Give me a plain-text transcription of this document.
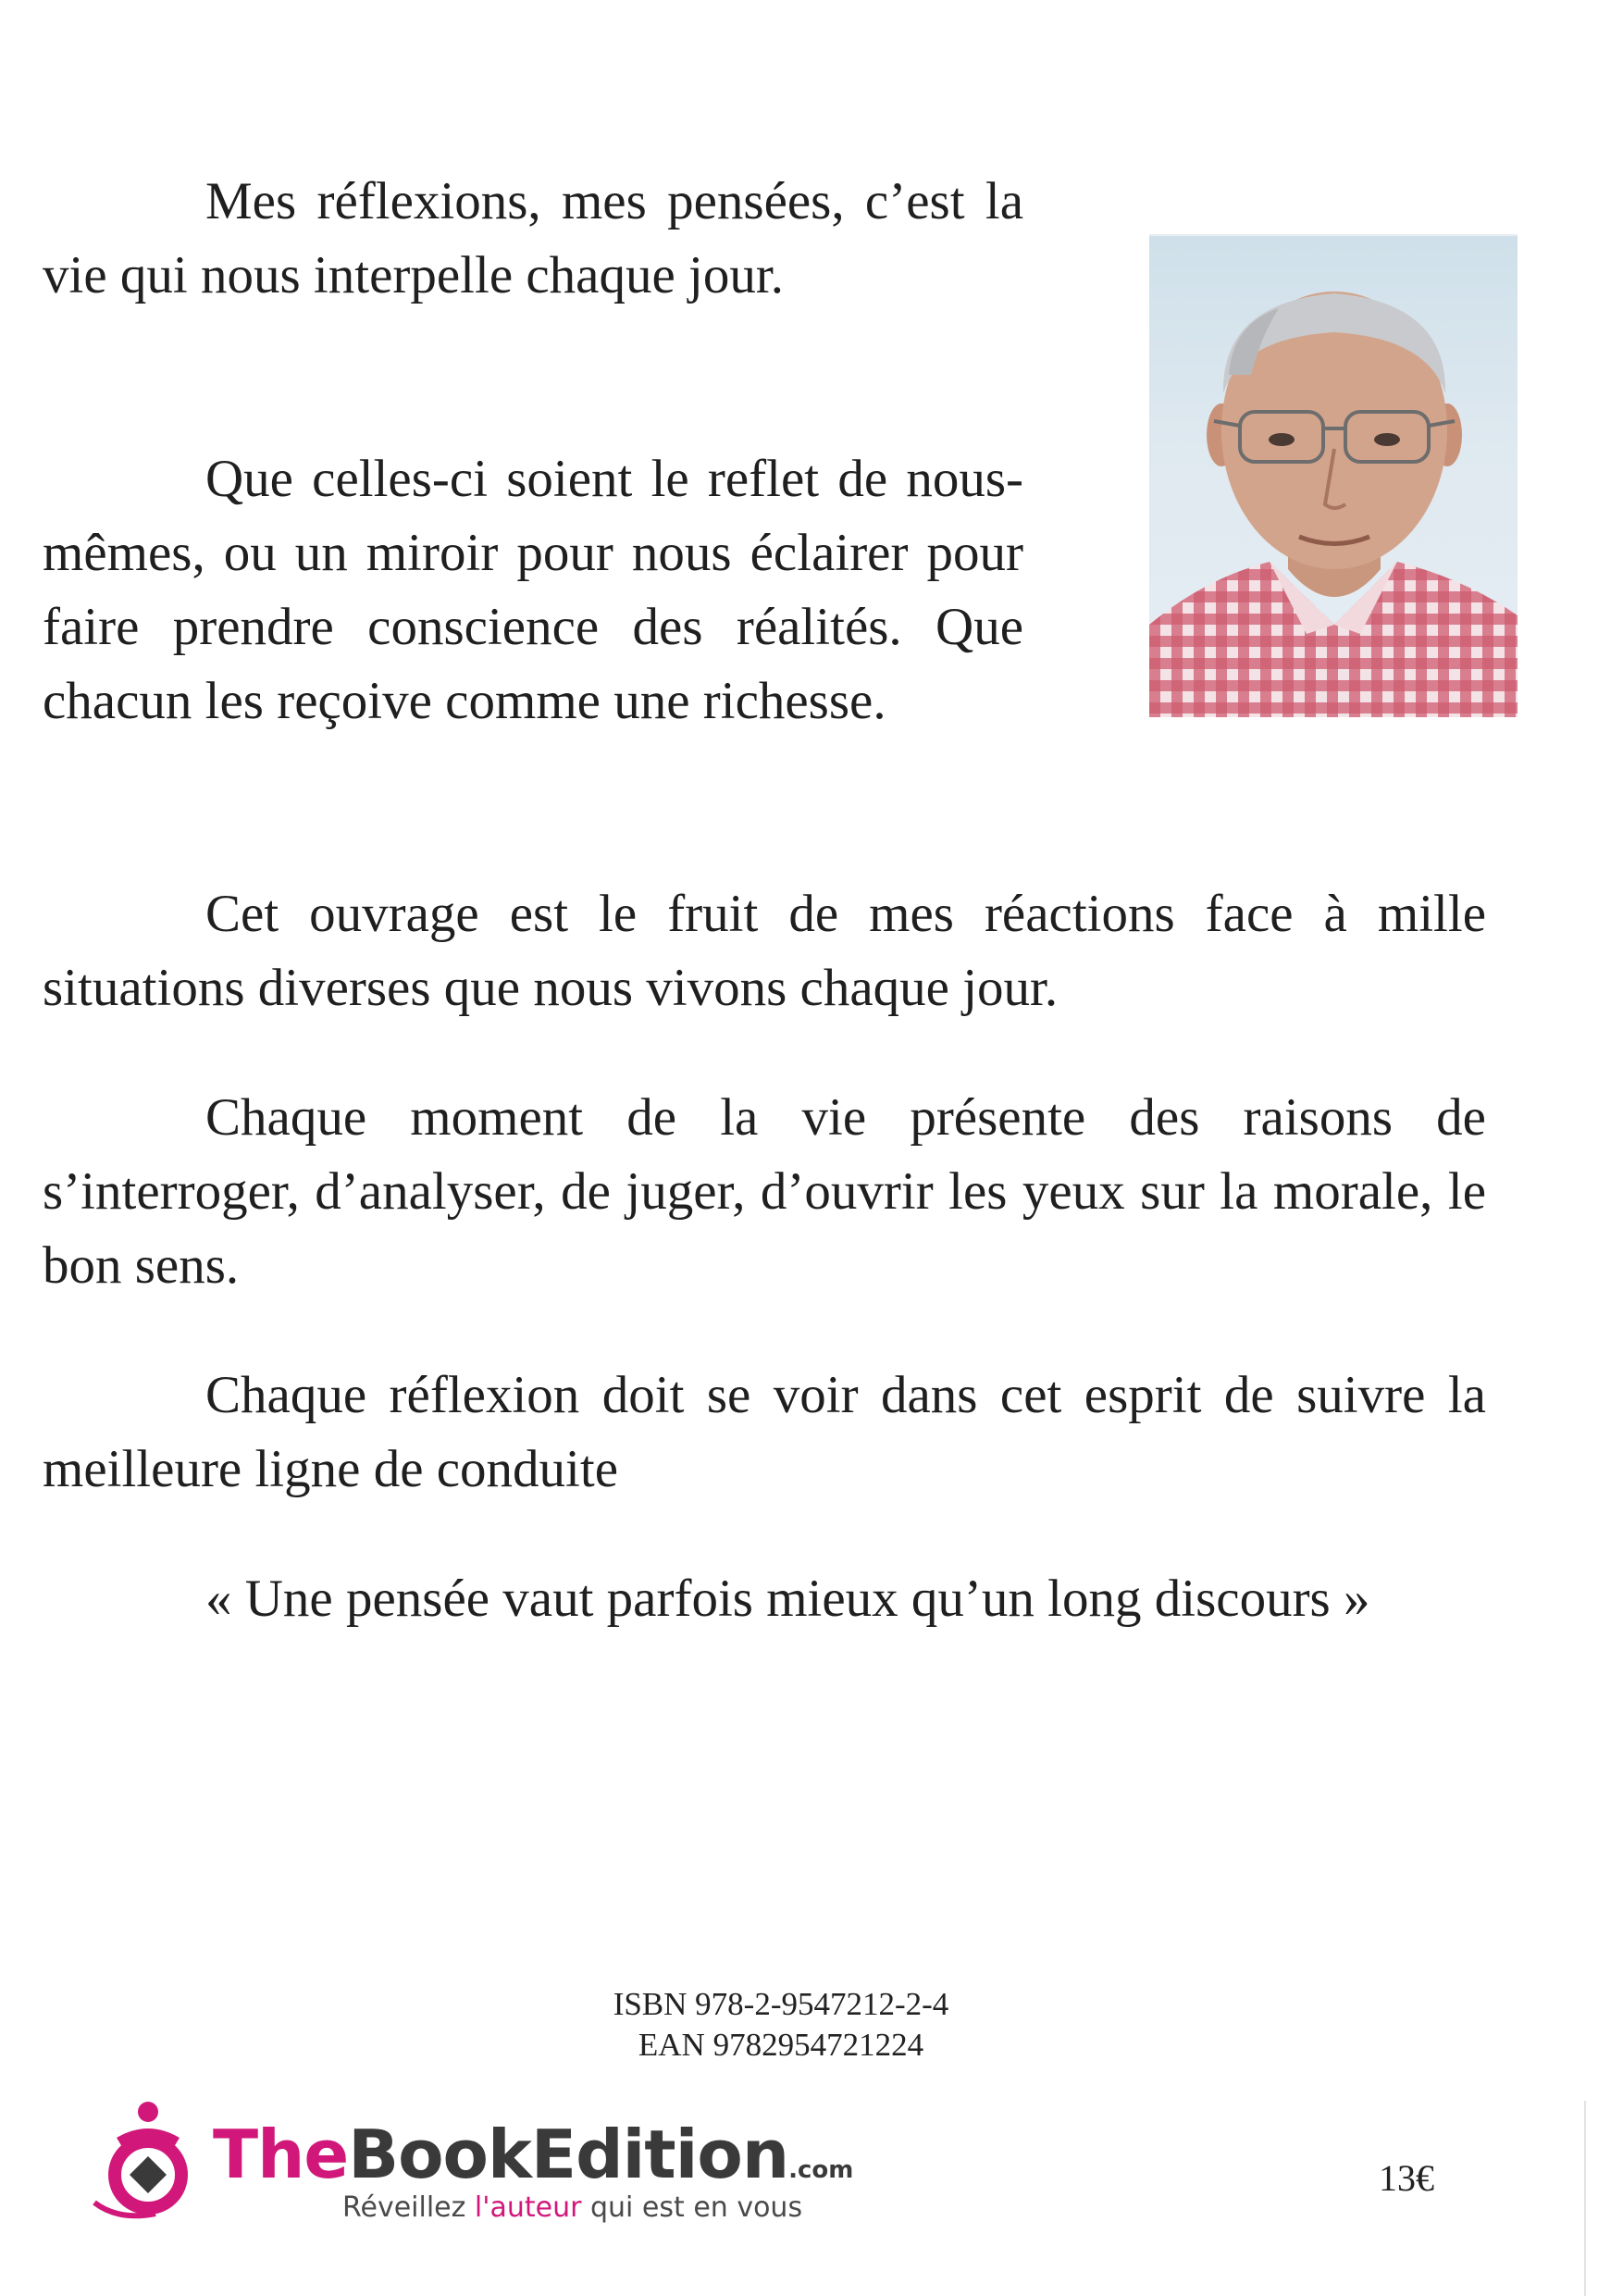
Mes réflexions, mes pensées, c’est la vie qui nous interpelle chaque jour.

Que celles-ci soient le reflet de nous-mêmes, ou un miroir pour nous éclairer pour faire prendre conscience des réalités. Que chacun les reçoive comme une richesse.

Cet ouvrage est le fruit de mes réactions face à mille situations diverses que nous vivons chaque jour.

Chaque moment de la vie présente des raisons de s’interroger, d’analyser, de juger, d’ouvrir les yeux sur la morale, le bon sens.

Chaque réflexion doit se voir dans cet esprit de suivre la meilleure ligne de conduite

« Une pensée vaut parfois mieux qu’un long discours »

ISBN 978-2-9547212-2-4
EAN 9782954721224
TheBookEdition.com
Réveillez l'auteur qui est en vous
13€
